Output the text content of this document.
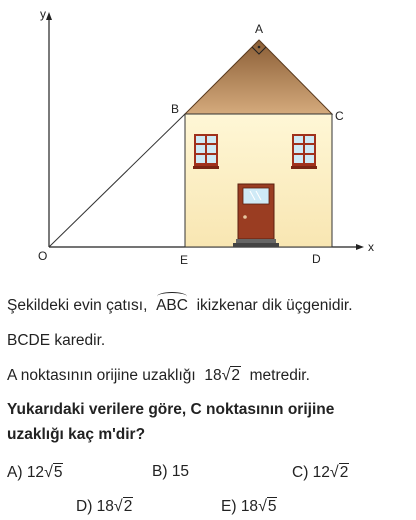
y
x
A
B	C
D
E
O
Şekildeki evin çatısı, ABC ikizkenar dik üçgenidir.
BCDE karedir.
A noktasının orijine uzaklığı 18√2 metredir.
Yukarıdaki verilere göre, C noktasının orijine
uzaklığı kaç m'dir?
A) 12√5	B) 15	C) 12√2
D) 18√2	E) 18√5
